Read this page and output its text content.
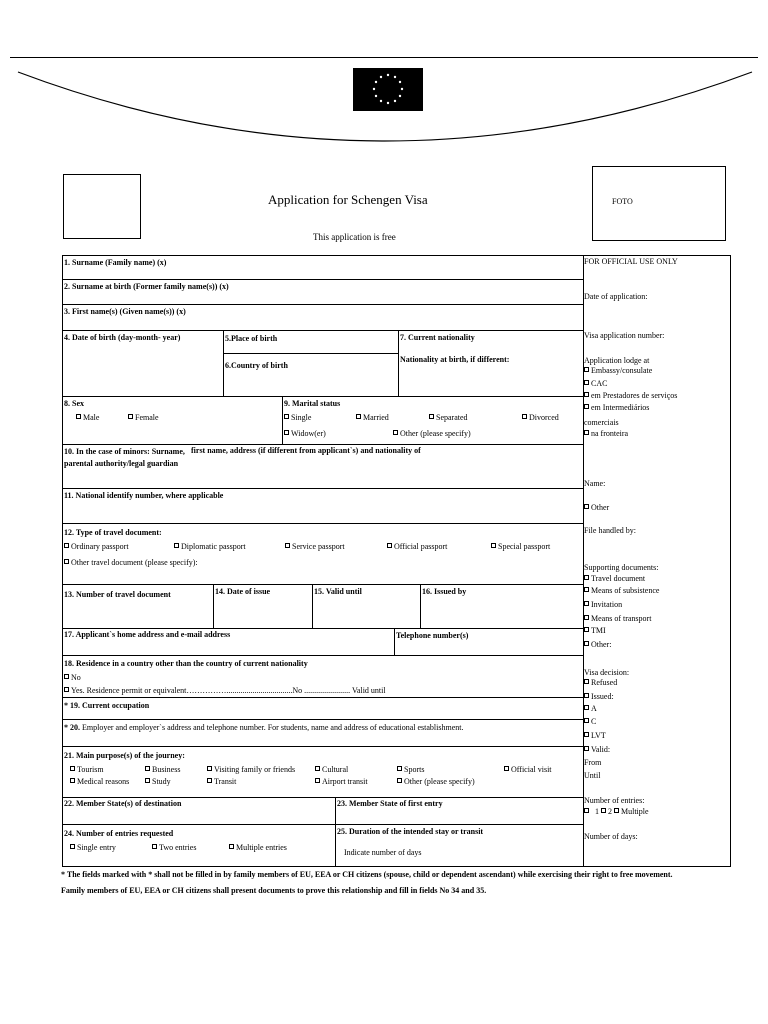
Application for Schengen Visa
This application is free
FOTO
1. Surname (Family name) (x)
2. Surname at birth (Former family name(s)) (x)
3. First name(s) (Given name(s)) (x)
4. Date of birth (day-month- year)	5.Place of birth
6.Country of birth
7. Current nationality
Nationality at birth, if different:
8. Sex
Male	Female
9. Marital status
Single	Married	Separated	Divorced
Widow(er)	Other (please specify)
10. In the case of minors: Surname, first name, address (if different from applicant`s) and nationality of
parental authority/legal guardian
11. National identify number, where applicable
12. Type of travel document:
Ordinary passport	Diplomatic passport	Service passport	Official passport	Special passport
Other travel document (please specify):
13. Number of travel document	14. Date of issue	15. Valid until	16. Issued by
17. Applicant`s home address and e-mail address	Telephone number(s)
18. Residence in a country other than the country of current nationality
No
Yes. Residence permit or equivalent…………….................................No ....................... Valid until
* 19. Current occupation
* 20. Employer and employer`s address and telephone number. For students, name and address of educational establishment.
21. Main purpose(s) of the journey:
Tourism	Business	Visiting family or friends	Cultural	Sports	Official visit
Medical reasons	Study	Transit	Airport transit	Other (please specify)
22. Member State(s) of destination	23. Member State of first entry
24. Number of entries requested
Single entry	Two entries	Multiple entries
25. Duration of the intended stay or transit
Indicate number of days
FOR OFFICIAL USE ONLY
Date of application:
Visa application number:
Application lodge at
Embassy/consulate
CAC
em Prestadores de serviços
em Intermediários
comerciais
na fronteira
Name:
Other
File handled by:
Supporting documents:
Travel document
Means of subsistence
Invitation
Means of transport
TMI
Other:
Visa decision:
Refused
Issued:
A
C
LVT
Valid:
From
Until
Number of entries:
1 2 Multiple
Number of days:
* The fields marked with * shall not be filled in by family members of EU, EEA or CH citizens (spouse, child or dependent ascendant) while exercising their right to free movement.
Family members of EU, EEA or CH citizens shall present documents to prove this relationship and fill in fields No 34 and 35.
